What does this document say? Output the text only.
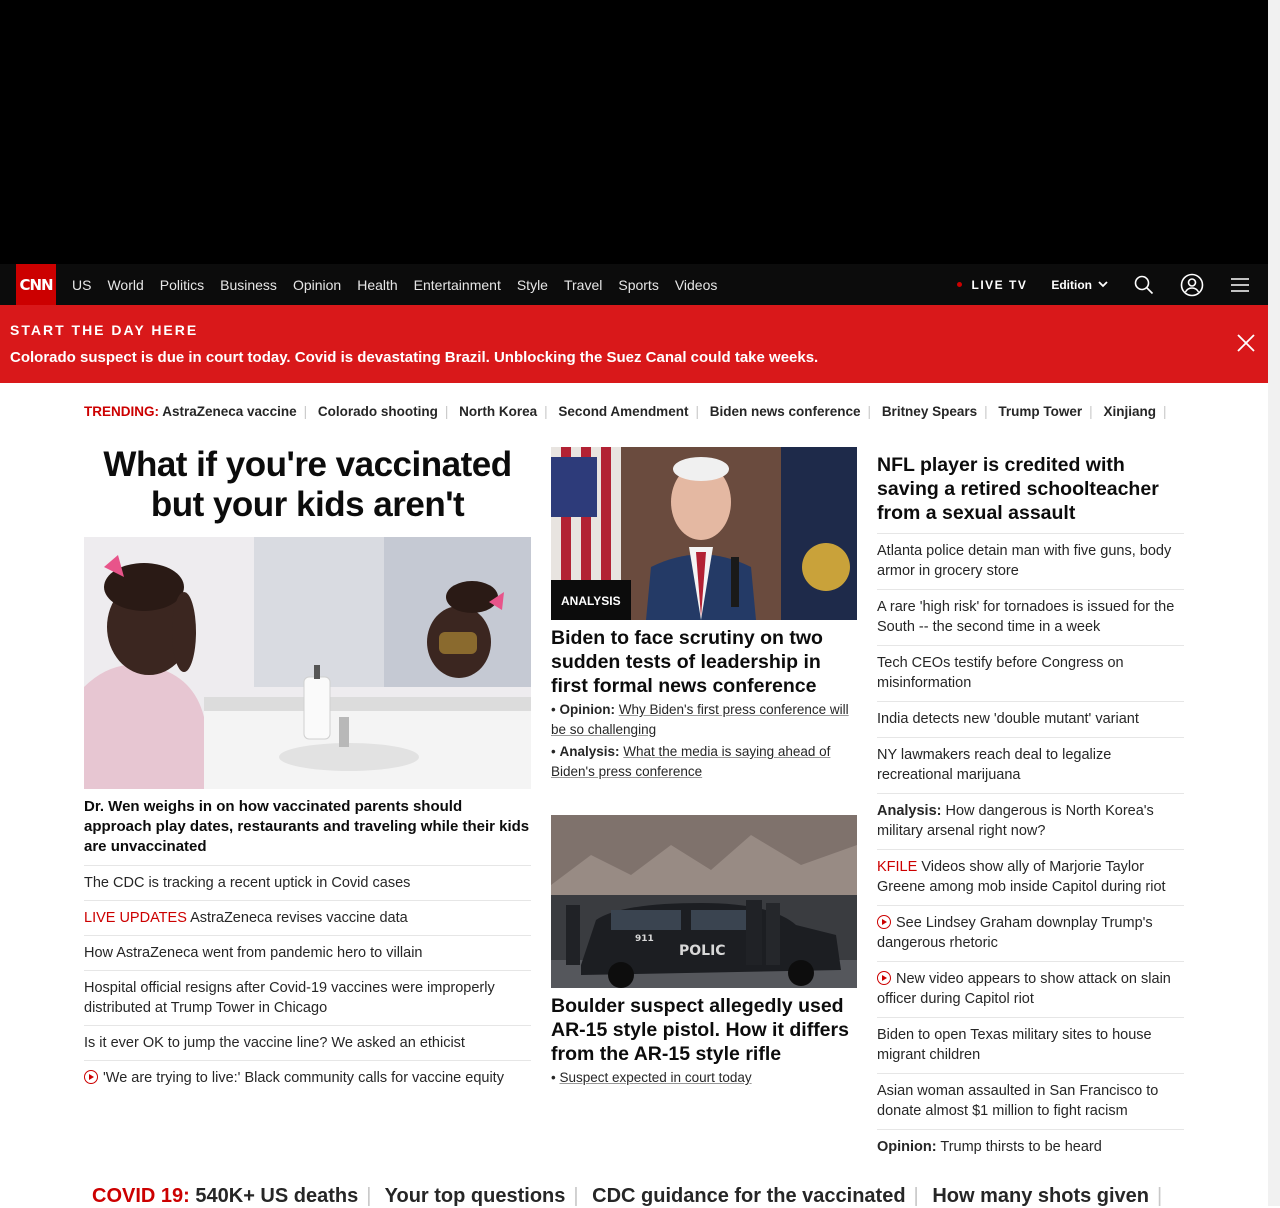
CNN US World Politics Business Opinion Health Entertainment Style Travel Sports Videos	LIVE TV Edition
START THE DAY HERE
Colorado suspect is due in court today. Covid is devastating Brazil. Unblocking the Suez Canal could take weeks.
TRENDING: AstraZeneca vaccine | Colorado shooting | North Korea | Second Amendment | Biden news conference | Britney Spears | Trump Tower | Xinjiang |
What if you're vaccinated but your kids aren't
Dr. Wen weighs in on how vaccinated parents should approach play dates, restaurants and traveling while their kids are unvaccinated
The CDC is tracking a recent uptick in Covid cases
LIVE UPDATES AstraZeneca revises vaccine data
How AstraZeneca went from pandemic hero to villain
Hospital official resigns after Covid-19 vaccines were improperly distributed at Trump Tower in Chicago
Is it ever OK to jump the vaccine line? We asked an ethicist
'We are trying to live:' Black community calls for vaccine equity
ANALYSIS
Biden to face scrutiny on two sudden tests of leadership in first formal news conference
• Opinion: Why Biden's first press conference will be so challenging
• Analysis: What the media is saying ahead of Biden's press conference
POLIC
911
Boulder suspect allegedly used AR-15 style pistol. How it differs from the AR-15 style rifle
• Suspect expected in court today
NFL player is credited with saving a retired schoolteacher from a sexual assault
Atlanta police detain man with five guns, body armor in grocery store
A rare 'high risk' for tornadoes is issued for the South -- the second time in a week
Tech CEOs testify before Congress on misinformation
India detects new 'double mutant' variant
NY lawmakers reach deal to legalize recreational marijuana
Analysis: How dangerous is North Korea's military arsenal right now?
KFILE Videos show ally of Marjorie Taylor Greene among mob inside Capitol during riot
See Lindsey Graham downplay Trump's dangerous rhetoric
New video appears to show attack on slain officer during Capitol riot
Biden to open Texas military sites to house migrant children
Asian woman assaulted in San Francisco to donate almost $1 million to fight racism
Opinion: Trump thirsts to be heard
COVID 19: 540K+ US deaths | Your top questions | CDC guidance for the vaccinated | How many shots given |
